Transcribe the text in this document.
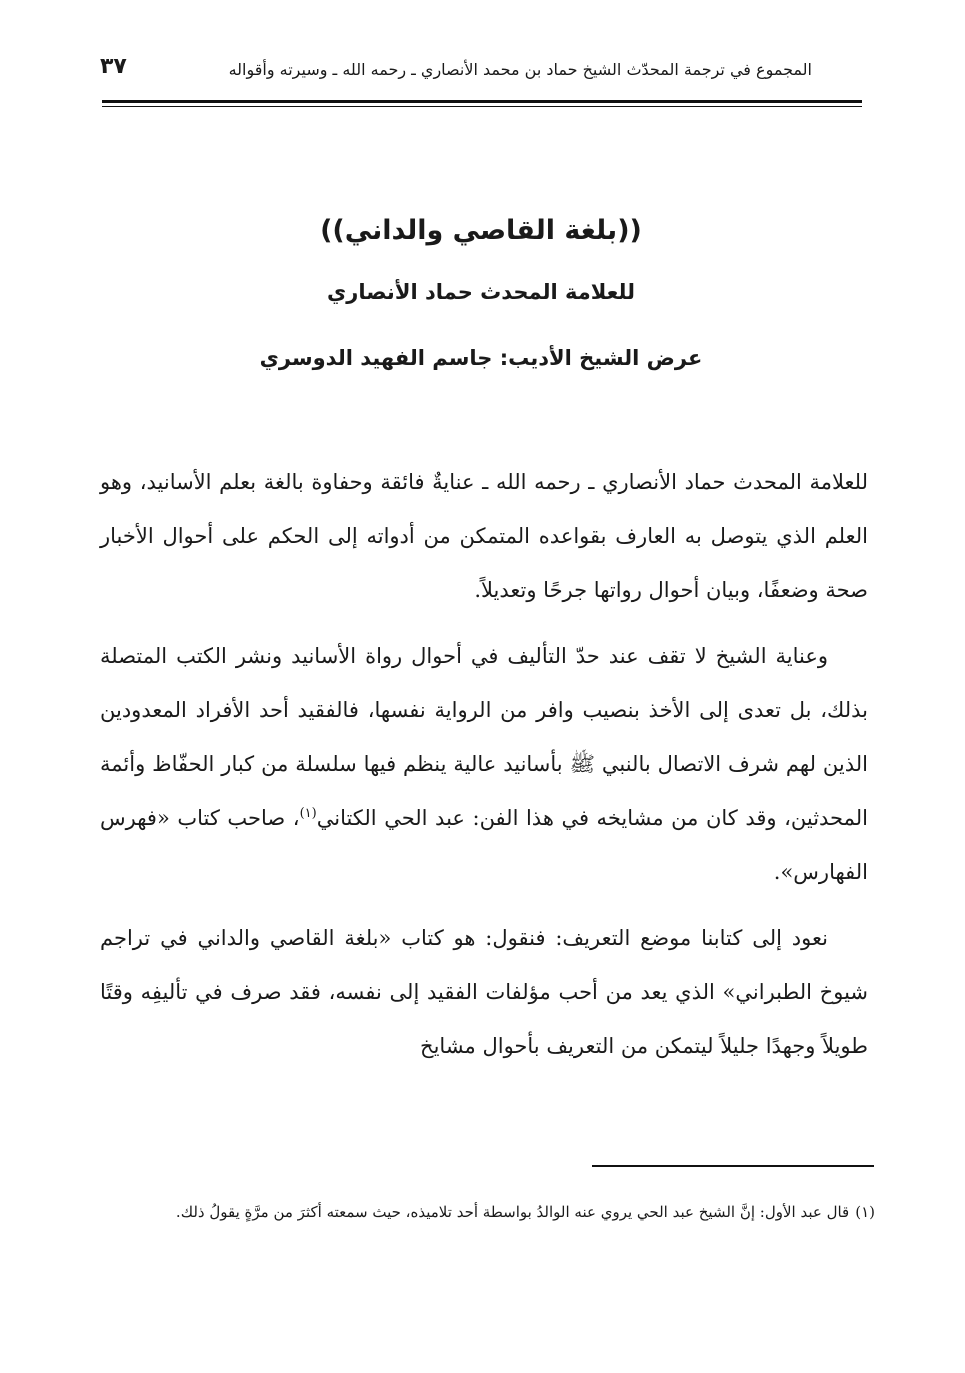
المجموع في ترجمة المحدّث الشيخ حماد بن محمد الأنصاري ـ رحمه الله ـ وسيرته وأقواله
٣٧
((بلغة القاصي والداني))
للعلامة المحدث حماد الأنصاري
عرض الشيخ الأديب: جاسم الفهيد الدوسري

للعلامة المحدث حماد الأنصاري ـ رحمه الله ـ عنايةٌ فائقة وحفاوة بالغة بعلم الأسانيد، وهو العلم الذي يتوصل به العارف بقواعده المتمكن من أدواته إلى الحكم على أحوال الأخبار صحة وضعفًا، وبيان أحوال رواتها جرحًا وتعديلاً.

وعناية الشيخ لا تقف عند حدّ التأليف في أحوال رواة الأسانيد ونشر الكتب المتصلة بذلك، بل تعدى إلى الأخذ بنصيب وافر من الرواية نفسها، فالفقيد أحد الأفراد المعدودين الذين لهم شرف الاتصال بالنبي ﷺ بأسانيد عالية ينظم فيها سلسلة من كبار الحفّاظ وأئمة المحدثين، وقد كان من مشايخه في هذا الفن: عبد الحي الكتاني$^{(١)}$، صاحب كتاب «فهرس الفهارس».

نعود إلى كتابنا موضع التعريف: فنقول: هو كتاب «بلغة القاصي والداني في تراجم شيوخ الطبراني» الذي يعد من أحب مؤلفات الفقيد إلى نفسه، فقد صرف في تأليفِه وقتًا طويلاً وجهدًا جليلاً ليتمكن من التعريف بأحوال مشايخ

(١)قال عبد الأول: إنَّ الشيخ عبد الحي يروي عنه الوالدُ بواسطة أحد تلاميذه، حيث سمعته أكثرَ من مرَّةٍ يقولُ ذلك.
